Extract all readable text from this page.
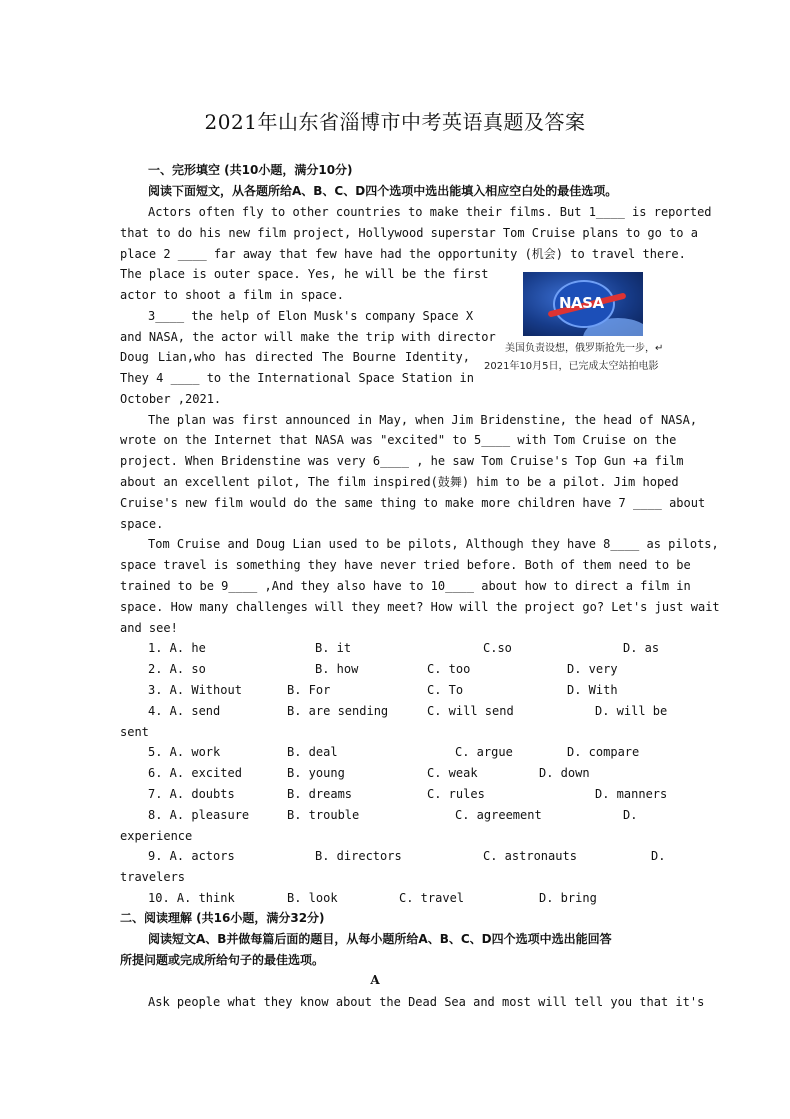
2021年山东省淄博市中考英语真题及答案
一、完形填空 (共10小题，满分10分)
阅读下面短文，从各题所给A、B、C、D四个选项中选出能填入相应空白处的最佳选项。
Actors often fly to other countries to make their films. But 1____ is reported
that to do his new film project, Hollywood superstar Tom Cruise plans to go to a
place 2 ____ far away that few have had the opportunity (机会) to travel there.
The place is outer space. Yes, he will be the first
actor to shoot a film in space.
3____ the help of Elon Musk's company Space X
and NASA, the actor will make the trip with director
Doug Lian,who has directed The Bourne Identity,
They 4 ____ to the International Space Station in
October ,2021.
NASA
美国负责设想，俄罗斯抢先一步，↵
2021年10月5日，已完成太空站拍电影
The plan was first announced in May, when Jim Bridenstine, the head of NASA,
wrote on the Internet that NASA was "excited" to 5____ with Tom Cruise on the
project. When Bridenstine was very 6____ , he saw Tom Cruise's Top Gun +a film
about an excellent pilot, The film inspired(鼓舞) him to be a pilot. Jim hoped
Cruise's new film would do the same thing to make more children have 7 ____ about
space.
Tom Cruise and Doug Lian used to be pilots, Although they have 8____ as pilots,
space travel is something they have never tried before. Both of them need to be
trained to be 9____ ,And they also have to 10____ about how to direct a film in
space. How many challenges will they meet? How will the project go? Let's just wait
and see!
1. A. he	B. it	C.so	D. as
2. A. so	B. how	C. too	D. very
3. A. Without	B. For	C. To	D. With
4. A. send	B. are sending	C. will send	D. will be
sent
5. A. work	B. deal	C. argue	D. compare
6. A. excited	B. young	C. weak	D. down
7. A. doubts	B. dreams	C. rules	D. manners
8. A. pleasure	B. trouble	C. agreement	D.
experience
9. A. actors	B. directors	C. astronauts	D.
travelers
10. A. think	B. look	C. travel	D. bring
二、阅读理解 (共16小题，满分32分)
阅读短文A、B并做每篇后面的题目，从每小题所给A、B、C、D四个选项中选出能回答
所提问题或完成所给句子的最佳选项。
A
Ask people what they know about the Dead Sea and most will tell you that it's
